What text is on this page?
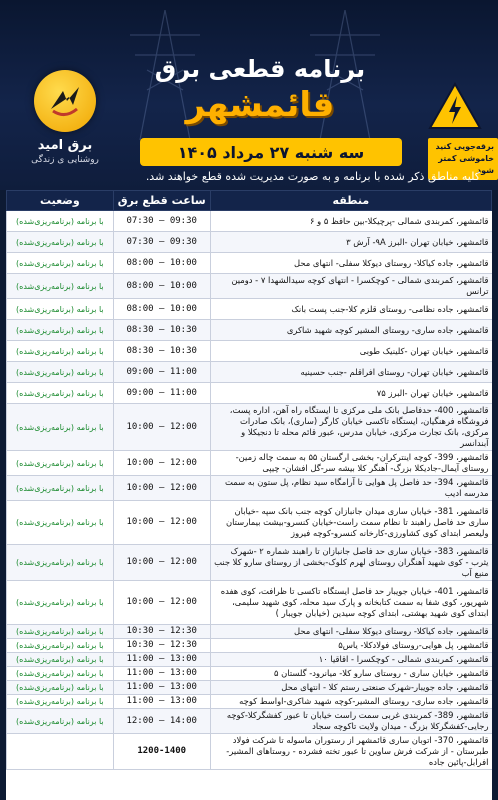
برق امید
روشنایی ی زندگی
برنامه قطعی برق
قائمشهر
سه شنبه ۲۷ مرداد ۱۴۰۵	برقه‌جویی کنید
خاموشی کمتر شود
کلیه مناطق ذکر شده با برنامه و به صورت مدیریت شده قطع خواهند شد.
منطقه	ساعت قطع برق	وضعیت
قائمشهر، کمربندی شمالی -پرچیکلا-بین حافظ ۵ و ۶	09:30 — 07:30	با برنامه (برنامه‌ریزی‌شده)
قائمشهر، خیابان تهران -البرز ۹A- آرش ۳	09:30 — 07:30	با برنامه (برنامه‌ریزی‌شده)
قائمشهر، جاده کیاکلا- روستای دیوکلا سفلی- انتهای محل	10:00 — 08:00	با برنامه (برنامه‌ریزی‌شده)
قائمشهر، کمربندی شمالی - کوچکسرا - انتهای کوچه سیدالشهدا ۷ - دومین ترانس	10:00 — 08:00	با برنامه (برنامه‌ریزی‌شده)
قائمشهر، جاده نظامی- روستای قلزم کلا-جنب پست بانک	10:00 — 08:00	با برنامه (برنامه‌ریزی‌شده)
قائمشهر، جاده ساری- روستای المشیر کوچه شهید شاکری	10:30 — 08:30	با برنامه (برنامه‌ریزی‌شده)
قائمشهر، خیابان تهران -کلینیک طوبی	10:30 — 08:30	با برنامه (برنامه‌ریزی‌شده)
قائمشهر، خیابان تهران- روستای افراقلم -جنب حسینیه	11:00 — 09:00	با برنامه (برنامه‌ریزی‌شده)
قائمشهر، خیابان تهران -البرز ۷۵	11:00 — 09:00	با برنامه (برنامه‌ریزی‌شده)
قائمشهر، 400- حدفاصل بانک ملی مرکزی تا ایستگاه راه آهن، اداره پست، فروشگاه فرهنگیان، ایستگاه تاکسی خیابان کارگر (ساری)، بانک صادرات مرکزی، بانک تجارت مرکزی، خیابان مدرس، عبور قائم محله تا دنجیکلا و آبندانسر	12:00 — 10:00	با برنامه (برنامه‌ریزی‌شده)
قائمشهر، 399- کوچه اینترکران- بخشی ارگستان ۵۵ به سمت چاله زمین- روستای آیمال-جادیکلا بزرگ- آهنگر کلا بیشه سر-گل افشان- چیپی	12:00 — 10:00	با برنامه (برنامه‌ریزی‌شده)
قائمشهر، 394- حد فاصل پل هوایی تا آرامگاه سید نظام، پل ستون به سمت مدرسه ادیب	12:00 — 10:00	با برنامه (برنامه‌ریزی‌شده)
قائمشهر، 381- خیابان ساری میدان جانبازان کوچه جنب بانک سپه -خیابان ساری حد فاصل راهبند تا نظام سمت راست-خیابان کنسرو-بیشت بیمارستان ولیعصر ابتدای کوی کشاورزی-کارخانه کنسرو-کوچه فیروز	12:00 — 10:00	با برنامه (برنامه‌ریزی‌شده)
قائمشهر، 383- خیابان ساری حد فاصل جانبازان تا راهبند شماره ۲ -شهرک یثرب - کوی شهید آهنگران روستای لهرم کلوک-بخشی از روستای سارو کلا جنب منبع آب	12:00 — 10:00	با برنامه (برنامه‌ریزی‌شده)
قائمشهر، 401- خیابان جویبار حد فاصل ایستگاه تاکسی تا ظرافت، کوی هفده شهریور، کوی شفا به سمت کتابخانه و پارک سید محله، کوی شهید سلیمی، ابتدای کوی شهید بهشتی، ابتدای کوچه سیدین (خیابان جویبار )	12:00 — 10:00	با برنامه (برنامه‌ریزی‌شده)
قائمشهر، جاده کیاکلا- روستای دیوکلا سفلی- انتهای محل	12:30 — 10:30	با برنامه (برنامه‌ریزی‌شده)
قائمشهر، پل هوایی-روستای فولادکلا- یاس۵	12:30 — 10:30	با برنامه (برنامه‌ریزی‌شده)
قائمشهر، کمربندی شمالی - کوچکسرا - اقاقیا ۱۰	13:00 — 11:00	با برنامه (برنامه‌ریزی‌شده)
قائمشهر، خیابان ساری - روستای سارو کلا- میانرود- گلستان ۵	13:00 — 11:00	با برنامه (برنامه‌ریزی‌شده)
قائمشهر، جاده جویبار-شهرک صنعتی رستم کلا - انتهای محل	13:00 — 11:00	با برنامه (برنامه‌ریزی‌شده)
قائمشهر، جاده ساری- روستای المشیر-کوچه شهید شاکری-اواسط کوچه	13:00 — 11:00	با برنامه (برنامه‌ریزی‌شده)
قائمشهر، 389- کمربندی غربی سمت راست خیابان تا عبور کفشگرکلا-کوچه رجایی-کفشگرکلا بزرگ - میدان ولایت تاکوچه سجاد	14:00 — 12:00	با برنامه (برنامه‌ریزی‌شده)
قائمشهر، 370- اتوبان ساری قائمشهر از رستوران ماسوله تا شرکت فولاد طبرستان - از شرکت فرش ساوین تا عبور تخته فشرده - روستاهای المشیر-افرابل-پائین جاده	1200-1400	
